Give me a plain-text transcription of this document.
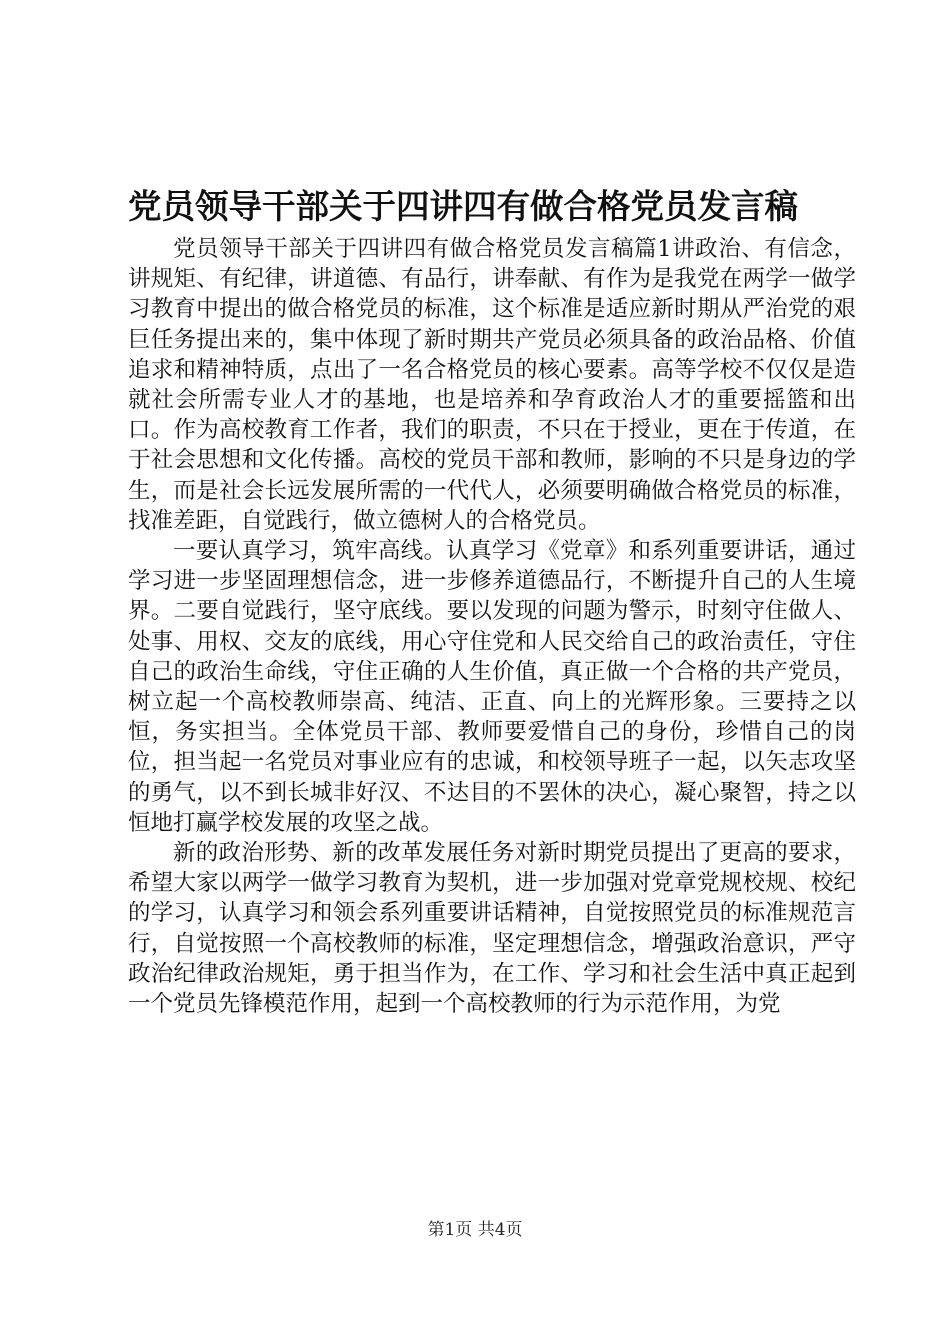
党员领导干部关于四讲四有做合格党员发言稿

党员领导干部关于四讲四有做合格党员发言稿篇1讲政治、有信念，讲规矩、有纪律，讲道德、有品行，讲奉献、有作为是我党在两学一做学习教育中提出的做合格党员的标准，这个标准是适应新时期从严治党的艰巨任务提出来的，集中体现了新时期共产党员必须具备的政治品格、价值追求和精神特质，点出了一名合格党员的核心要素。高等学校不仅仅是造就社会所需专业人才的基地，也是培养和孕育政治人才的重要摇篮和出口。作为高校教育工作者，我们的职责，不只在于授业，更在于传道，在于社会思想和文化传播。高校的党员干部和教师，影响的不只是身边的学生，而是社会长远发展所需的一代代人，必须要明确做合格党员的标准，找准差距，自觉践行，做立德树人的合格党员。

一要认真学习，筑牢高线。认真学习《党章》和系列重要讲话，通过学习进一步坚固理想信念，进一步修养道德品行，不断提升自己的人生境界。二要自觉践行，坚守底线。要以发现的问题为警示，时刻守住做人、处事、用权、交友的底线，用心守住党和人民交给自己的政治责任，守住自己的政治生命线，守住正确的人生价值，真正做一个合格的共产党员，树立起一个高校教师崇高、纯洁、正直、向上的光辉形象。三要持之以恒，务实担当。全体党员干部、教师要爱惜自己的身份，珍惜自己的岗位，担当起一名党员对事业应有的忠诚，和校领导班子一起，以矢志攻坚的勇气，以不到长城非好汉、不达目的不罢休的决心，凝心聚智，持之以恒地打赢学校发展的攻坚之战。

新的政治形势、新的改革发展任务对新时期党员提出了更高的要求，希望大家以两学一做学习教育为契机，进一步加强对党章党规校规、校纪的学习，认真学习和领会系列重要讲话精神，自觉按照党员的标准规范言行，自觉按照一个高校教师的标准，坚定理想信念，增强政治意识，严守政治纪律政治规矩，勇于担当作为，在工作、学习和社会生活中真正起到一个党员先锋模范作用，起到一个高校教师的行为示范作用，为党

第1页 共4页
